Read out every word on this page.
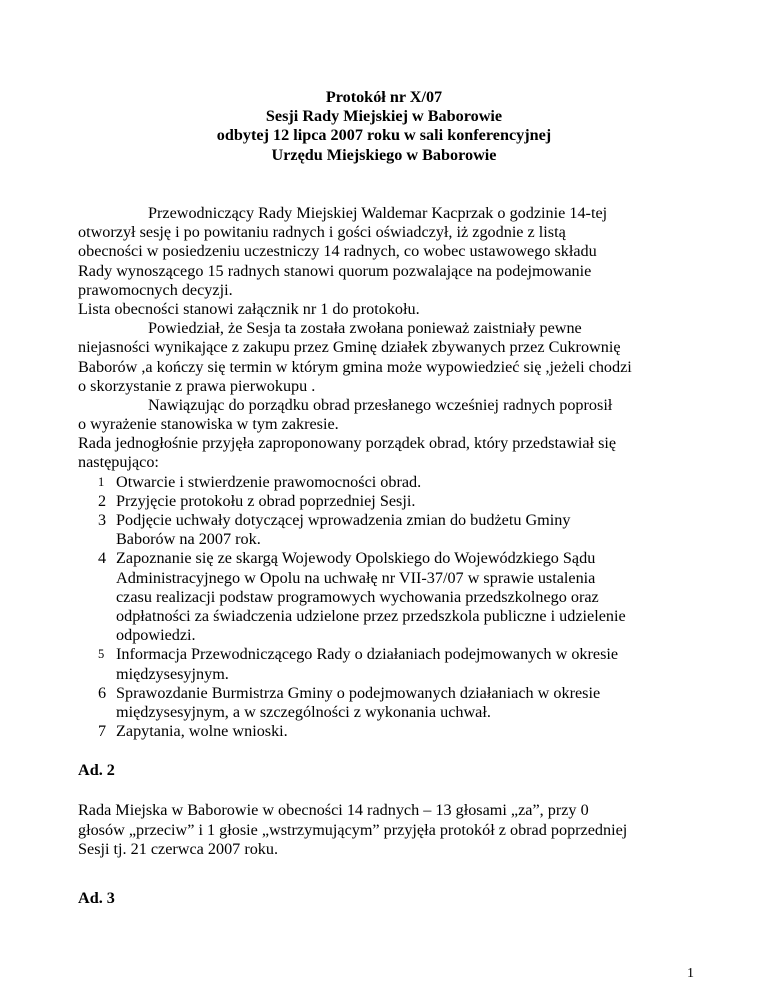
Protokół nr X/07
Sesji Rady Miejskiej w Baborowie
odbytej 12 lipca 2007 roku w sali konferencyjnej
Urzędu Miejskiego w Baborowie
Przewodniczący Rady Miejskiej Waldemar Kacprzak o godzinie 14-tej
otworzył sesję i po powitaniu radnych i gości oświadczył, iż zgodnie z listą
obecności w posiedzeniu uczestniczy 14 radnych, co wobec ustawowego składu
Rady wynoszącego 15 radnych stanowi quorum pozwalające na podejmowanie
prawomocnych decyzji.
Lista obecności stanowi załącznik nr 1 do protokołu.
Powiedział, że Sesja ta została zwołana ponieważ zaistniały pewne
niejasności wynikające z zakupu przez Gminę działek zbywanych przez Cukrownię
Baborów ,a kończy się termin w którym gmina może wypowiedzieć się ,jeżeli chodzi
o skorzystanie z prawa pierwokupu .
Nawiązując do porządku obrad przesłanego wcześniej radnych poprosił
o wyrażenie stanowiska w tym zakresie.
Rada jednogłośnie przyjęła zaproponowany porządek obrad, który przedstawiał się
następująco:
1 Otwarcie i stwierdzenie prawomocności obrad.
2 Przyjęcie protokołu z obrad poprzedniej Sesji.
3 Podjęcie uchwały dotyczącej wprowadzenia zmian do budżetu Gminy
Baborów na 2007 rok.
4 Zapoznanie się ze skargą Wojewody Opolskiego do Wojewódzkiego Sądu
Administracyjnego w Opolu na uchwałę nr VII-37/07 w sprawie ustalenia
czasu realizacji podstaw programowych wychowania przedszkolnego oraz
odpłatności za świadczenia udzielone przez przedszkola publiczne i udzielenie
odpowiedzi.
5 Informacja Przewodniczącego Rady o działaniach podejmowanych w okresie
międzysesyjnym.
6 Sprawozdanie Burmistrza Gminy o podejmowanych działaniach w okresie
międzysesyjnym, a w szczególności z wykonania uchwał.
7 Zapytania, wolne wnioski.
Ad. 2
Rada Miejska w Baborowie w obecności 14 radnych – 13 głosami „za”, przy 0
głosów „przeciw” i 1 głosie „wstrzymującym” przyjęła protokół z obrad poprzedniej
Sesji tj. 21 czerwca 2007 roku.
Ad. 3
1
